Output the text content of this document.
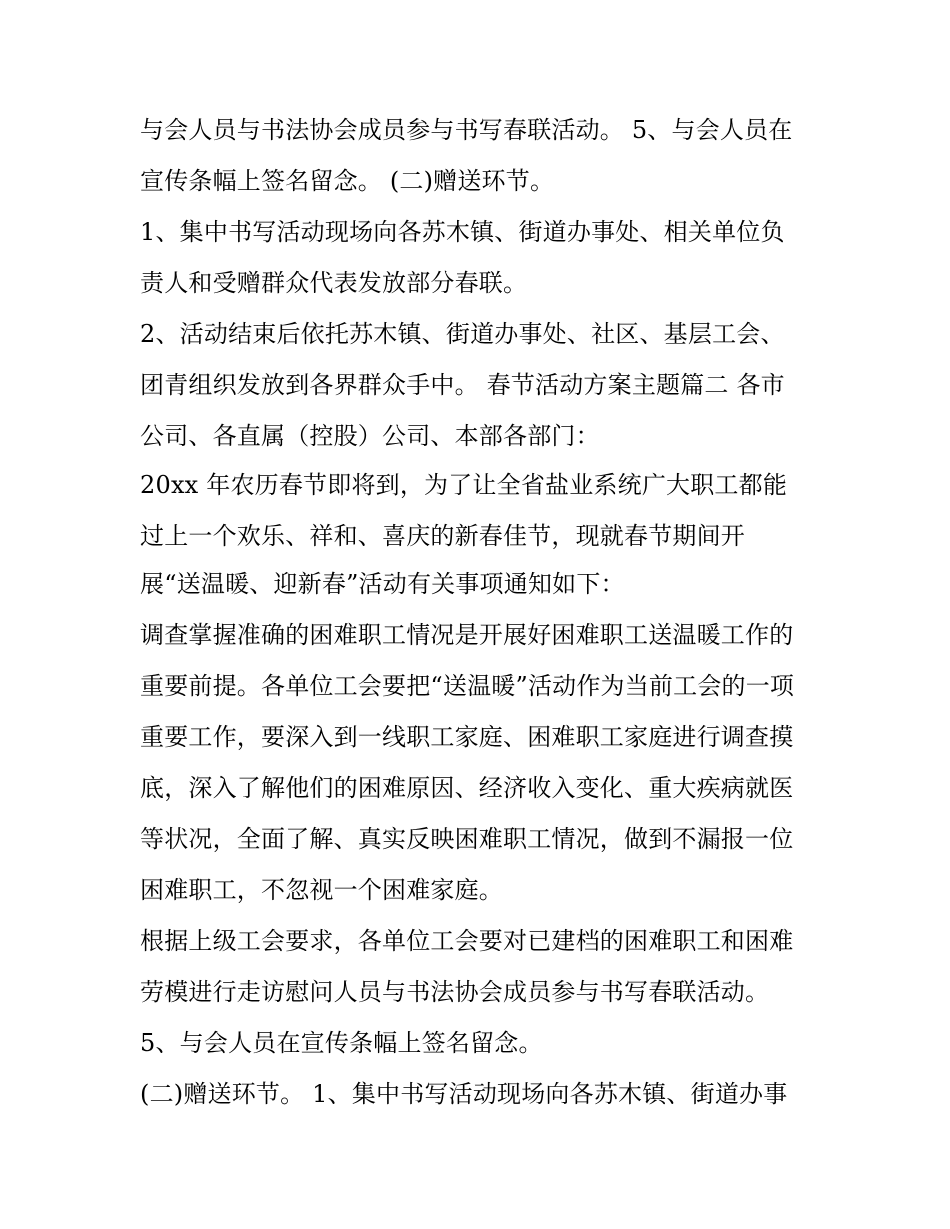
与会人员与书法协会成员参与书写春联活动。 5、与会人员在
宣传条幅上签名留念。 (二)赠送环节。
1、集中书写活动现场向各苏木镇、街道办事处、相关单位负
责人和受赠群众代表发放部分春联。
2、活动结束后依托苏木镇、街道办事处、社区、基层工会、
团青组织发放到各界群众手中。 春节活动方案主题篇二 各市
公司、各直属（控股）公司、本部各部门：
20xx 年农历春节即将到，为了让全省盐业系统广大职工都能
过上一个欢乐、祥和、喜庆的新春佳节，现就春节期间开
展“送温暖、迎新春”活动有关事项通知如下：
调查掌握准确的困难职工情况是开展好困难职工送温暖工作的
重要前提。各单位工会要把“送温暖”活动作为当前工会的一项
重要工作，要深入到一线职工家庭、困难职工家庭进行调查摸
底，深入了解他们的困难原因、经济收入变化、重大疾病就医
等状况，全面了解、真实反映困难职工情况，做到不漏报一位
困难职工，不忽视一个困难家庭。
根据上级工会要求，各单位工会要对已建档的困难职工和困难
劳模进行走访慰问人员与书法协会成员参与书写春联活动。
5、与会人员在宣传条幅上签名留念。
(二)赠送环节。 1、集中书写活动现场向各苏木镇、街道办事
